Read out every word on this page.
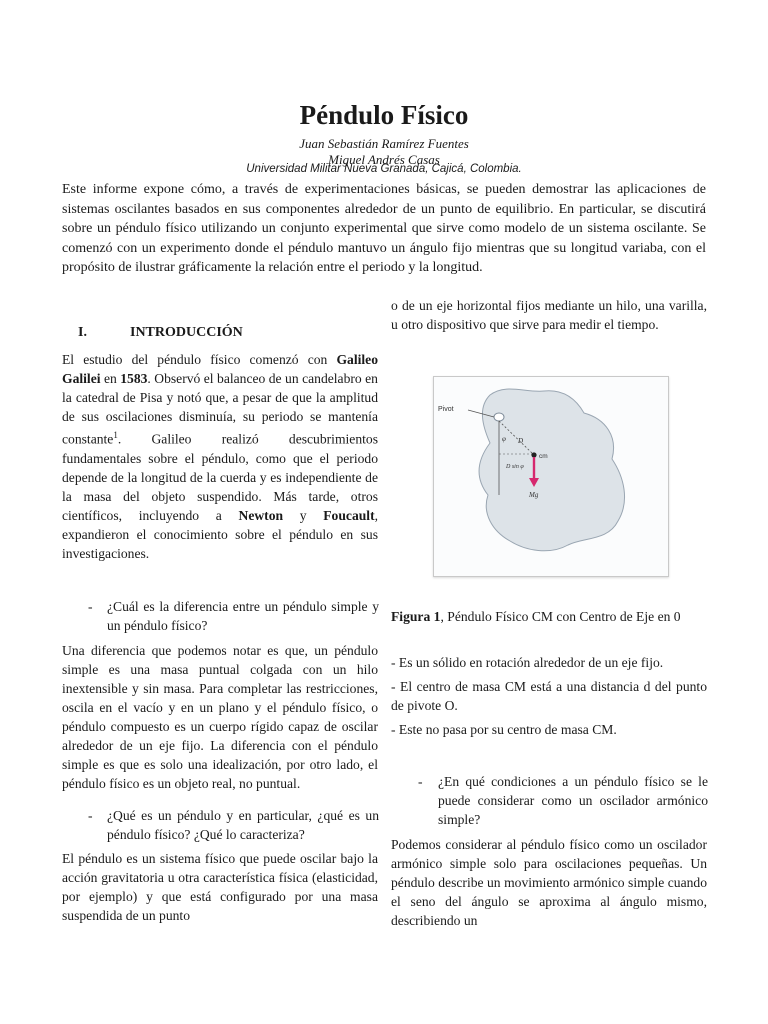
Péndulo Físico
Juan Sebastián Ramírez Fuentes
Miguel Andrés Casas
Universidad Militar Nueva Granada, Cajicá, Colombia.
Este informe expone cómo, a través de experimentaciones básicas, se pueden demostrar las aplicaciones de sistemas oscilantes basados en sus componentes alrededor de un punto de equilibrio. En particular, se discutirá sobre un péndulo físico utilizando un conjunto experimental que sirve como modelo de un sistema oscilante. Se comenzó con un experimento donde el péndulo mantuvo un ángulo fijo mientras que su longitud variaba, con el propósito de ilustrar gráficamente la relación entre el periodo y la longitud.
I.	INTRODUCCIÓN

El estudio del péndulo físico comenzó con Galileo Galilei en 1583. Observó el balanceo de un candelabro en la catedral de Pisa y notó que, a pesar de que la amplitud de sus oscilaciones disminuía, su periodo se mantenía constante$^1$. Galileo realizó descubrimientos fundamentales sobre el péndulo, como que el periodo depende de la longitud de la cuerda y es independiente de la masa del objeto suspendido. Más tarde, otros científicos, incluyendo a Newton y Foucault, expandieron el conocimiento sobre el péndulo en sus investigaciones.

- ¿Cuál es la diferencia entre un péndulo simple y un péndulo físico?
Una diferencia que podemos notar es que, un péndulo simple es una masa puntual colgada con un hilo inextensible y sin masa. Para completar las restricciones, oscila en el vacío y en un plano y el péndulo físico, o péndulo compuesto es un cuerpo rígido capaz de oscilar alrededor de un eje fijo. La diferencia con el péndulo simple es que es solo una idealización, por otro lado, el péndulo físico es un objeto real, no puntual.
- ¿Qué es un péndulo y en particular, ¿qué es un péndulo físico? ¿Qué lo caracteriza?
El péndulo es un sistema físico que puede oscilar bajo la acción gravitatoria u otra característica física (elasticidad, por ejemplo) y que está configurado por una masa suspendida de un punto
o de un eje horizontal fijos mediante un hilo, una varilla, u otro dispositivo que sirve para medir el tiempo.
Pivot
φ D
D sin φ
cm
Mg
Figura 1, Péndulo Físico CM con Centro de Eje en 0
- Es un sólido en rotación alrededor de un eje fijo.
- El centro de masa CM está a una distancia d del punto de pivote O.
- Este no pasa por su centro de masa CM.
- ¿En qué condiciones a un péndulo físico se le puede considerar como un oscilador armónico simple?
Podemos considerar al péndulo físico como un oscilador armónico simple solo para oscilaciones pequeñas. Un péndulo describe un movimiento armónico simple cuando el seno del ángulo se aproxima al ángulo mismo, describiendo un
